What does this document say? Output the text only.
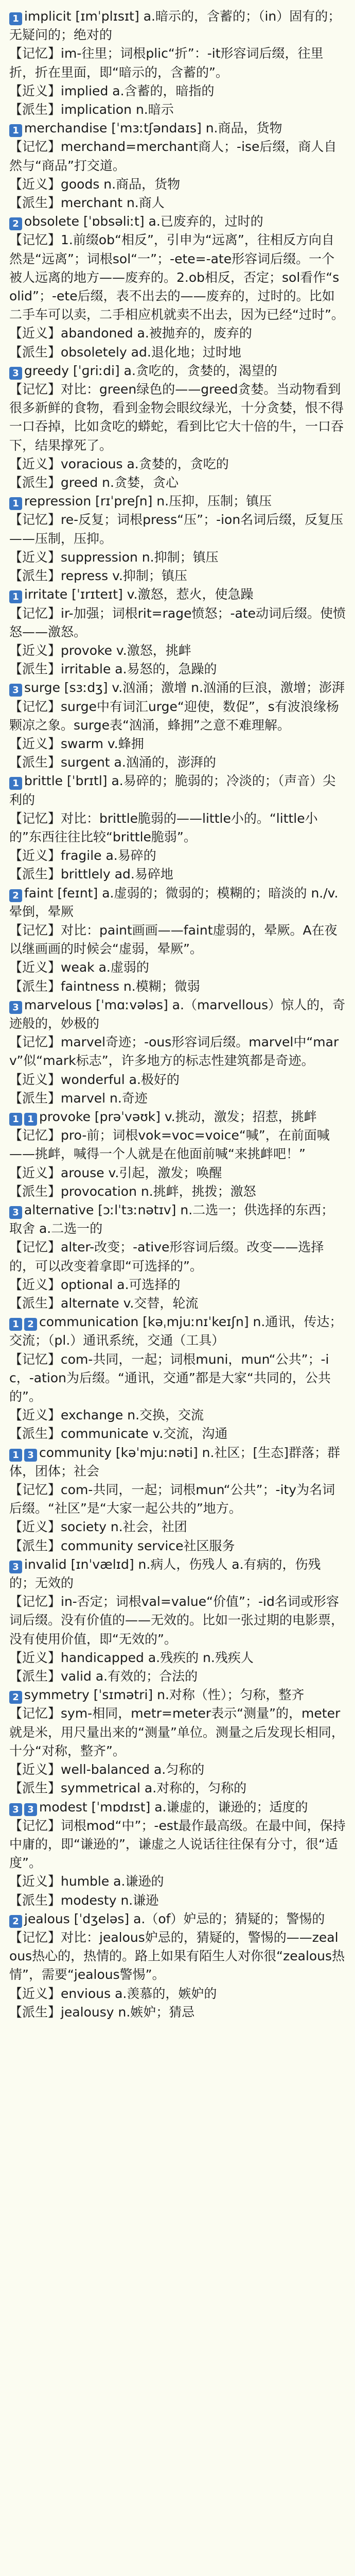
1 implicit [ɪmˈplɪsɪt] a.暗示的，含蓄的；（in）固有的；无疑问的；绝对的

【记忆】im-往里；词根plic“折”：-it形容词后缀，往里折，折在里面，即“暗示的，含蓄的”。

【近义】implied a.含蓄的，暗指的

【派生】implication n.暗示

1 merchandise [ˈmɜːtʃəndaɪs] n.商品，货物

【记忆】merchand=merchant商人；-ise后缀，商人自然与“商品”打交道。

【近义】goods n.商品，货物

【派生】merchant n.商人

2 obsolete [ˈɒbsəliːt] a.已废弃的，过时的

【记忆】1.前缀ob“相反”，引申为“远离”，往相反方向自然是“远离”；词根sol“一”；-ete=-ate形容词后缀。一个被人远离的地方——废弃的。2.ob相反，否定；sol看作“solid”；-ete后缀，表不出去的——废弃的，过时的。比如二手车可以卖，二手相应机就卖不出去，因为已经“过时”。

【近义】abandoned a.被抛弃的，废弃的

【派生】obsoletely ad.退化地；过时地

3 greedy [ˈɡriːdi] a.贪吃的，贪婪的，渴望的

【记忆】对比：green绿色的——greed贪婪。当动物看到很多新鲜的食物，看到金物会眼纹绿光，十分贪婪，恨不得一口吞掉，比如贪吃的蟒蛇，看到比它大十倍的牛，一口吞下，结果撑死了。

【近义】voracious a.贪婪的，贪吃的

【派生】greed n.贪婪，贪心

1 repression [rɪˈpreʃn] n.压抑，压制；镇压

【记忆】re-反复；词根press“压”；-ion名词后缀，反复压——压制，压抑。

【近义】suppression n.抑制；镇压

【派生】repress v.抑制；镇压

1 irritate [ˈɪrɪteɪt] v.激怒，惹火，使急躁

【记忆】ir-加强；词根rit=rage愤怒；-ate动词后缀。使愤怒——激怒。

【近义】provoke v.激怒，挑衅

【派生】irritable a.易怒的，急躁的

3 surge [sɜːdʒ] v.汹涌；激增 n.汹涌的巨浪，激增；澎湃

【记忆】surge中有词汇urge“迎使，数促”，s有波浪缘杨颗凉之象。surge表“汹涌，蜂拥”之意不难理解。

【近义】swarm v.蜂拥

【派生】surgent a.汹涌的，澎湃的

1 brittle [ˈbrɪtl] a.易碎的；脆弱的；冷淡的；（声音）尖利的

【记忆】对比：brittle脆弱的——little小的。“little小的”东西往往比较“brittle脆弱”。

【近义】fragile a.易碎的

【派生】brittlely ad.易碎地

2 faint [feɪnt] a.虚弱的；微弱的；模糊的；暗淡的 n./v.晕倒，晕厥

【记忆】对比：paint画画——faint虚弱的，晕厥。A在夜以继画画的时候会“虚弱，晕厥”。

【近义】weak a.虚弱的

【派生】faintness n.模糊；微弱

3 marvelous [ˈmɑːvələs] a.（marvellous）惊人的，奇迹般的，妙极的

【记忆】marvel奇迹；-ous形容词后缀。marvel中“marv”似“mark标志”，许多地方的标志性建筑都是奇迹。

【近义】wonderful a.极好的

【派生】marvel n.奇迹

1 1 provoke [prəˈvəʊk] v.挑动，激发；招惹，挑衅

【记忆】pro-前；词根vok=voc=voice“喊”，在前面喊——挑衅，喊得一个人就是在他面前喊“来挑衅吧！”

【近义】arouse v.引起，激发；唤醒

【派生】provocation n.挑衅，挑拨；激怒

3 alternative [ɔːlˈtɜːnətɪv] n.二选一；供选择的东西；取舍 a.二选一的

【记忆】alter-改变；-ative形容词后缀。改变——选择的，可以改变着拿即“可选择的”。

【近义】optional a.可选择的

【派生】alternate v.交替，轮流

1 2 communication [kəˌmjuːnɪˈkeɪʃn] n.通讯，传达；交流；（pl.）通讯系统，交通（工具）

【记忆】com-共同，一起；词根muni，mun“公共”；-ic，-ation为后缀。“通讯，交通”都是大家“共同的，公共的”。

【近义】exchange n.交换，交流

【派生】communicate v.交流，沟通

1 3 community [kəˈmjuːnəti] n.社区；[生态]群落；群体，团体；社会

【记忆】com-共同，一起；词根mun“公共”；-ity为名词后缀。“社区”是“大家一起公共的”地方。

【近义】society n.社会，社团

【派生】community service社区服务

3 invalid [ɪnˈvælɪd] n.病人，伤残人 a.有病的，伤残的；无效的

【记忆】in-否定；词根val=value“价值”；-id名词或形容词后缀。没有价值的——无效的。比如一张过期的电影票，没有使用价值，即“无效的”。

【近义】handicapped a.残疾的 n.残疾人

【派生】valid a.有效的；合法的

2 symmetry [ˈsɪmətri] n.对称（性）；匀称，整齐

【记忆】sym-相同，metr=meter表示“测量”的，meter就是米，用尺量出来的“测量”单位。测量之后发现长相同，十分“对称，整齐”。

【近义】well-balanced a.匀称的

【派生】symmetrical a.对称的，匀称的

3 3 modest [ˈmɒdɪst] a.谦虚的，谦逊的；适度的

【记忆】词根mod“中”；-est最作最高级。在最中间，保持中庸的，即“谦逊的”，谦虚之人说话往往保有分寸，很“适度”。

【近义】humble a.谦逊的

【派生】modesty n.谦逊

2 jealous [ˈdʒeləs] a.（of）妒忌的；猜疑的；警惕的

【记忆】对比：jealous妒忌的，猜疑的，警惕的——zealous热心的，热情的。路上如果有陌生人对你很“zealous热情”，需要“jealous警惕”。

【近义】envious a.羡慕的，嫉妒的

【派生】jealousy n.嫉妒；猜忌
